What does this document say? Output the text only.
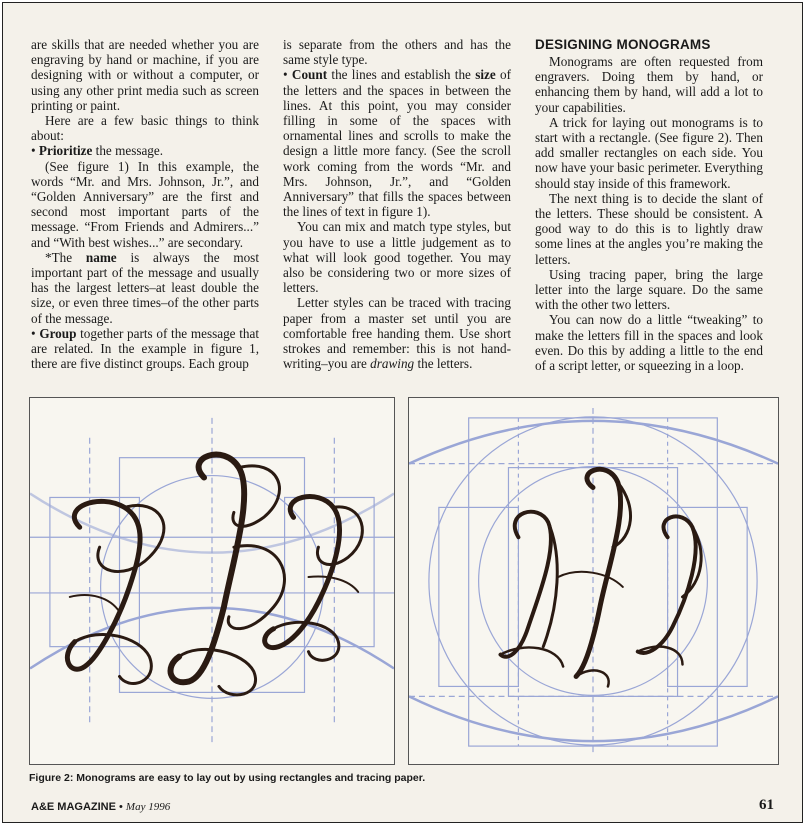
are skills that are needed whether you are engraving by hand or machine, if you are designing with or without a computer, or using any other print media such as screen printing or paint.

Here are a few basic things to think about:

• Prioritize the message.

(See figure 1) In this example, the words “Mr. and Mrs. Johnson, Jr.”, and “Golden Anniversary” are the first and second most important parts of the message. “From Friends and Admirers...” and “With best wishes...” are secondary.

*The name is always the most important part of the message and usually has the largest letters–at least double the size, or even three times–of the other parts of the message.

• Group together parts of the message that are related. In the example in figure 1, there are five distinct groups. Each group

is separate from the others and has the same style type.

• Count the lines and establish the size of the letters and the spaces in between the lines. At this point, you may consider filling in some of the spaces with ornamental lines and scrolls to make the design a little more fancy. (See the scroll work coming from the words “Mr. and Mrs. Johnson, Jr.”, and “Golden Anniversary” that fills the spaces between the lines of text in figure 1).

You can mix and match type styles, but you have to use a little judgement as to what will look good together. You may also be considering two or more sizes of letters.

Letter styles can be traced with tracing paper from a master set until you are comfortable free handing them. Use short strokes and remember: this is not hand-writing–you are drawing the letters.

DESIGNING MONOGRAMS

Monograms are often requested from engravers. Doing them by hand, or enhancing them by hand, will add a lot to your capabilities.

A trick for laying out monograms is to start with a rectangle. (See figure 2). Then add smaller rectangles on each side. You now have your basic perimeter. Everything should stay inside of this framework.

The next thing is to decide the slant of the letters. These should be consistent. A good way to do this is to lightly draw some lines at the angles you’re making the letters.

Using tracing paper, bring the large letter into the large square. Do the same with the other two letters.

You can now do a little “tweaking” to make the letters fill in the spaces and look even. Do this by adding a little to the end of a script letter, or squeezing in a loop.

Figure 2: Monograms are easy to lay out by using rectangles and tracing paper.
A&E MAGAZINE • May 1996	61
